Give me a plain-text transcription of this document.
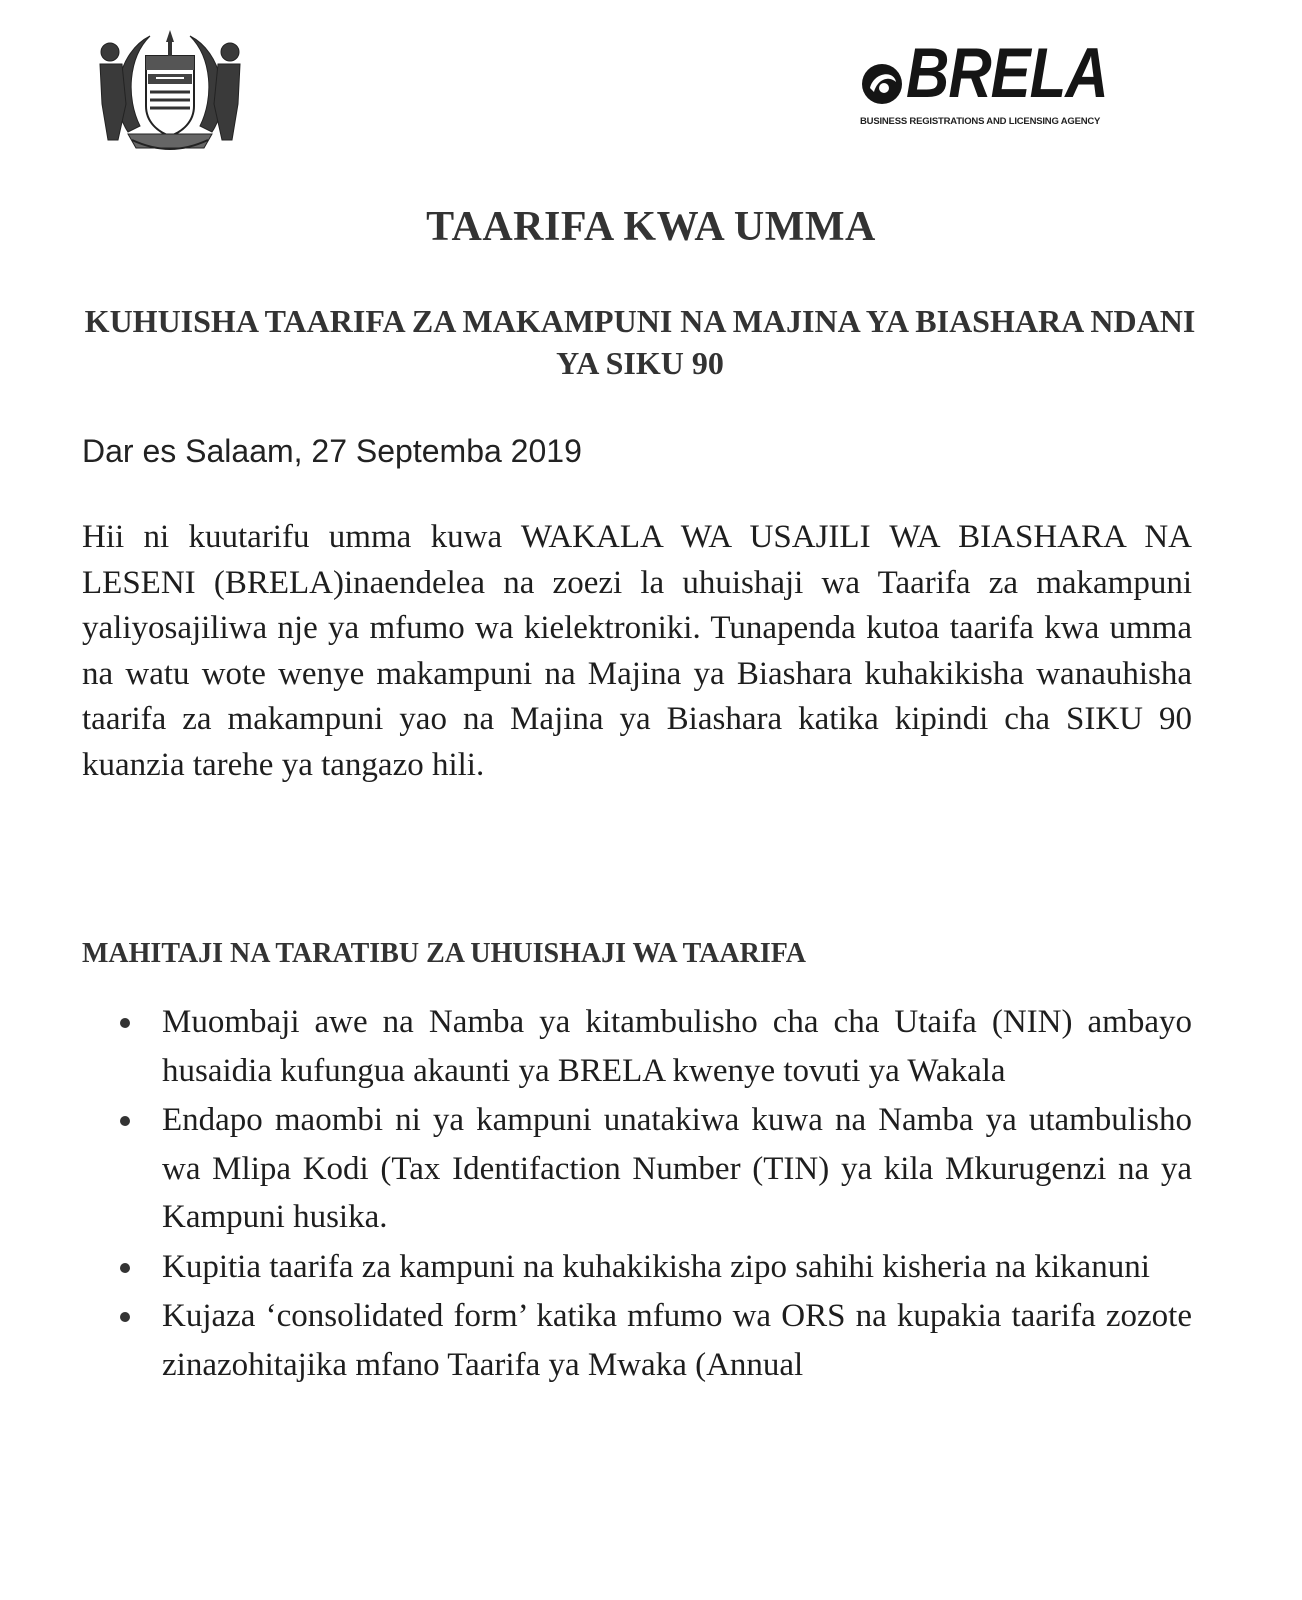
BRELA
BUSINESS REGISTRATIONS AND LICENSING AGENCY
TAARIFA KWA UMMA
KUHUISHA TAARIFA ZA MAKAMPUNI NA MAJINA YA BIASHARA NDANI YA SIKU 90
Dar es Salaam, 27 Septemba 2019
Hii ni kuutarifu umma kuwa WAKALA WA USAJILI WA BIASHARA NA LESENI (BRELA)inaendelea na zoezi la uhuishaji wa Taarifa za makampuni yaliyosajiliwa nje ya mfumo wa kielektroniki. Tunapenda kutoa taarifa kwa umma na watu wote wenye makampuni na Majina ya Biashara kuhakikisha wanauhisha taarifa za makampuni yao na Majina ya Biashara katika kipindi cha SIKU 90 kuanzia tarehe ya tangazo hili.
MAHITAJI NA TARATIBU ZA UHUISHAJI WA TAARIFA
Muombaji awe na Namba ya kitambulisho cha cha Utaifa (NIN) ambayo husaidia kufungua akaunti ya BRELA kwenye tovuti ya Wakala
Endapo maombi ni ya kampuni unatakiwa kuwa na Namba ya utambulisho wa Mlipa Kodi (Tax Identifaction Number (TIN) ya kila Mkurugenzi na ya Kampuni husika.
Kupitia taarifa za kampuni na kuhakikisha zipo sahihi kisheria na kikanuni
Kujaza ‘consolidated form’ katika mfumo wa ORS na kupakia taarifa zozote zinazohitajika mfano Taarifa ya Mwaka (Annual
